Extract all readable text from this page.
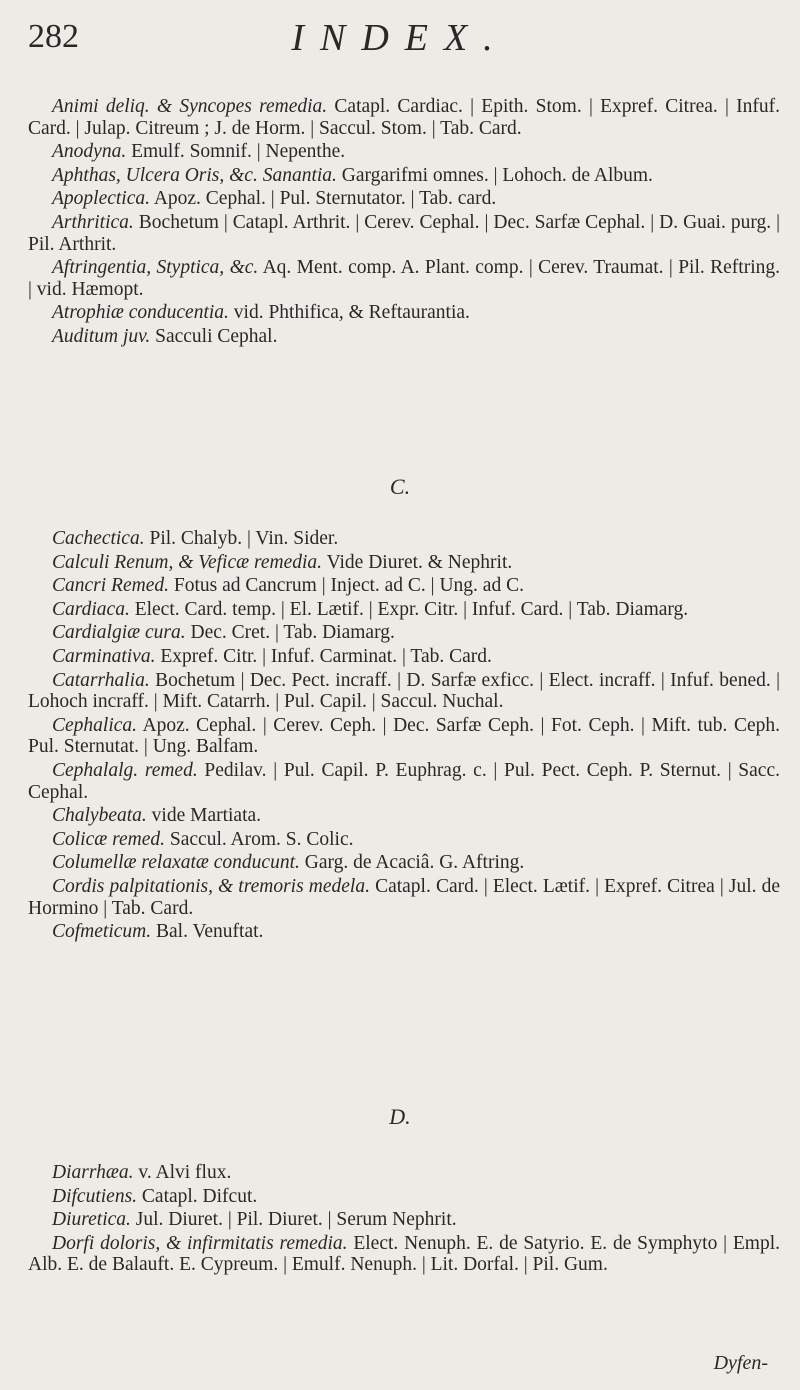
282	INDEX.

Animi deliq. & Syncopes remedia. Catapl. Cardiac. | Epith. Stom. | Expref. Citrea. | Infuf. Card. | Julap. Citreum ; J. de Horm. | Saccul. Stom. | Tab. Card.

Anodyna. Emulf. Somnif. | Nepenthe.

Aphthas, Ulcera Oris, &c. Sanantia. Gargarifmi omnes. | Lohoch. de Album.

Apoplectica. Apoz. Cephal. | Pul. Sternutator. | Tab. card.

Arthritica. Bochetum | Catapl. Arthrit. | Cerev. Cephal. | Dec. Sarfæ Cephal. | D. Guai. purg. | Pil. Arthrit.

Aftringentia, Styptica, &c. Aq. Ment. comp. A. Plant. comp. | Cerev. Traumat. | Pil. Reftring. | vid. Hæmopt.

Atrophiæ conducentia. vid. Phthifica, & Reftaurantia.

Auditum juv. Sacculi Cephal.

C.

Cachectica. Pil. Chalyb. | Vin. Sider.

Calculi Renum, & Veficæ remedia. Vide Diuret. & Nephrit.

Cancri Remed. Fotus ad Cancrum | Inject. ad C. | Ung. ad C.

Cardiaca. Elect. Card. temp. | El. Lætif. | Expr. Citr. | Infuf. Card. | Tab. Diamarg.

Cardialgiæ cura. Dec. Cret. | Tab. Diamarg.

Carminativa. Expref. Citr. | Infuf. Carminat. | Tab. Card.

Catarrhalia. Bochetum | Dec. Pect. incraff. | D. Sarfæ exficc. | Elect. incraff. | Infuf. bened. | Lohoch incraff. | Mift. Catarrh. | Pul. Capil. | Saccul. Nuchal.

Cephalica. Apoz. Cephal. | Cerev. Ceph. | Dec. Sarfæ Ceph. | Fot. Ceph. | Mift. tub. Ceph. Pul. Sternutat. | Ung. Balfam.

Cephalalg. remed. Pedilav. | Pul. Capil. P. Euphrag. c. | Pul. Pect. Ceph. P. Sternut. | Sacc. Cephal.

Chalybeata. vide Martiata.

Colicæ remed. Saccul. Arom. S. Colic.

Columellæ relaxatæ conducunt. Garg. de Acaciâ. G. Aftring.

Cordis palpitationis, & tremoris medela. Catapl. Card. | Elect. Lætif. | Expref. Citrea | Jul. de Hormino | Tab. Card.

Cofmeticum. Bal. Venuftat.

D.

Diarrhæa. v. Alvi flux.

Difcutiens. Catapl. Difcut.

Diuretica. Jul. Diuret. | Pil. Diuret. | Serum Nephrit.

Dorfi doloris, & infirmitatis remedia. Elect. Nenuph. E. de Satyrio. E. de Symphyto | Empl. Alb. E. de Balauft. E. Cypreum. | Emulf. Nenuph. | Lit. Dorfal. | Pil. Gum.

Dyfen-
